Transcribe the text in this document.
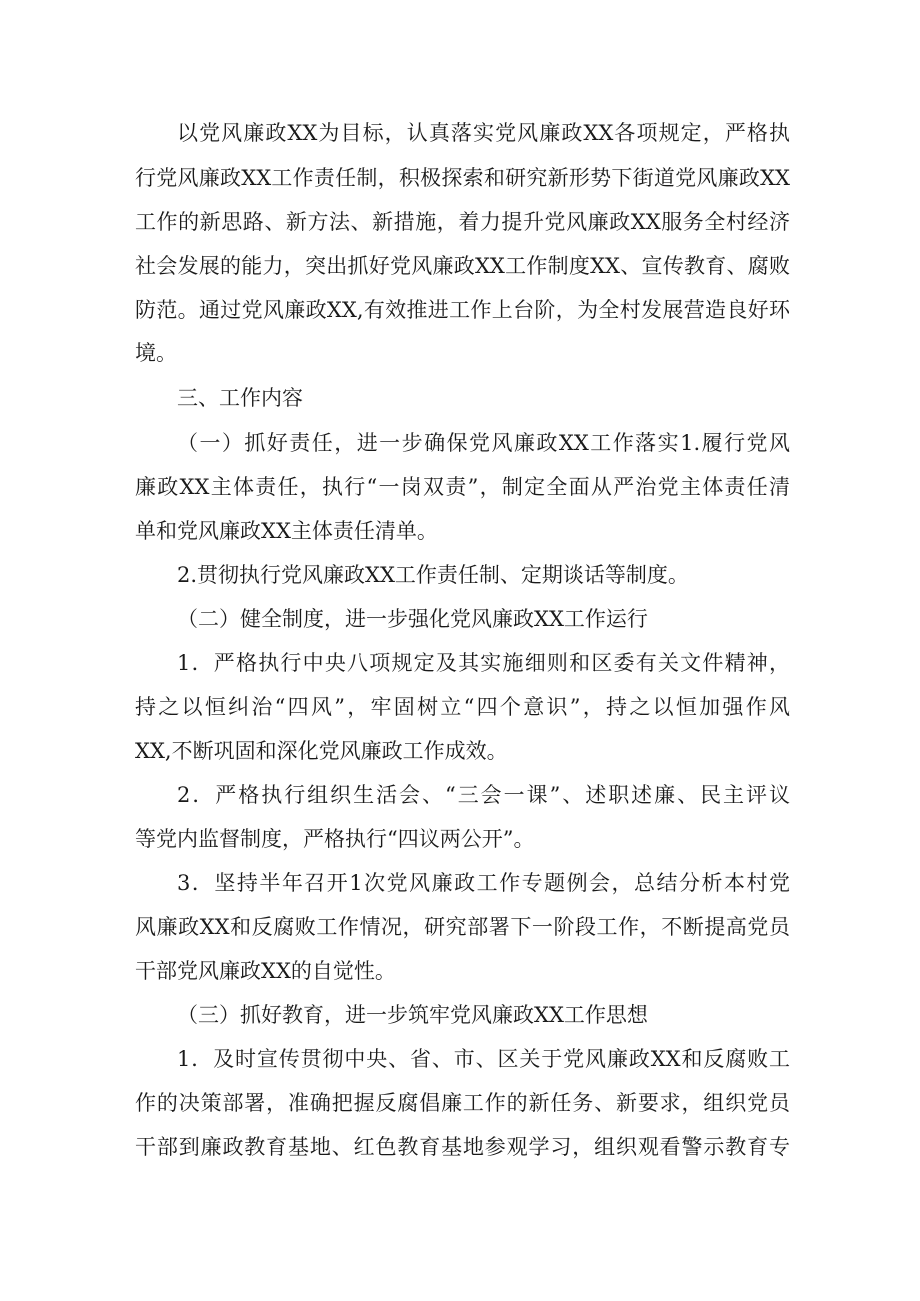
以党风廉政XX为目标，认真落实党风廉政XX各项规定，严格执
行党风廉政XX工作责任制，积极探索和研究新形势下街道党风廉政XX
工作的新思路、新方法、新措施，着力提升党风廉政XX服务全村经济
社会发展的能力，突出抓好党风廉政XX工作制度XX、宣传教育、腐败
防范。通过党风廉政XX,有效推进工作上台阶，为全村发展营造良好环
境。
三、工作内容
（一）抓好责任，进一步确保党风廉政XX工作落实1.履行党风
廉政XX主体责任，执行“一岗双责”，制定全面从严治党主体责任清
单和党风廉政XX主体责任清单。
2.贯彻执行党风廉政XX工作责任制、定期谈话等制度。
（二）健全制度，进一步强化党风廉政XX工作运行
1．严格执行中央八项规定及其实施细则和区委有关文件精神，
持之以恒纠治“四风”，牢固树立“四个意识”，持之以恒加强作风
XX,不断巩固和深化党风廉政工作成效。
2．严格执行组织生活会、“三会一课”、述职述廉、民主评议
等党内监督制度，严格执行“四议两公开”。
3．坚持半年召开1次党风廉政工作专题例会，总结分析本村党
风廉政XX和反腐败工作情况，研究部署下一阶段工作，不断提高党员
干部党风廉政XX的自觉性。
（三）抓好教育，进一步筑牢党风廉政XX工作思想
1．及时宣传贯彻中央、省、市、区关于党风廉政XX和反腐败工
作的决策部署，准确把握反腐倡廉工作的新任务、新要求，组织党员
干部到廉政教育基地、红色教育基地参观学习，组织观看警示教育专
